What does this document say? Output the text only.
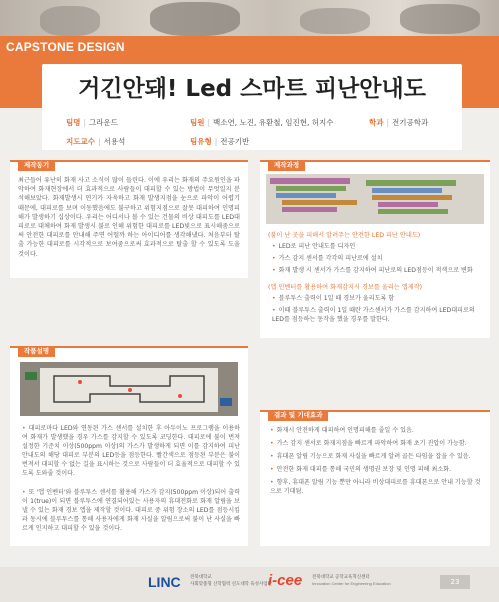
CAPSTONE DESIGN
거긴안돼! Led 스마트 피난안내도
팀명 | 그라운드	팀원 | 백소연, 노진, 유환철, 임진현, 허지수	학과 | 전기공학과
지도교수 | 서용석	팀유형 | 전공기반
제작동기
최근들어 유난히 화재 사고 소식이 많이 들린다. 이에 우리는 화재의 주요원인을 파악하여 화재현장에서 더 효과적으로 사람들이 대피할 수 있는 방법이 무엇일지 분석해보았다. 화재발생시 연기가 자욱하고 화재 발생지점을 눈으로 파악이 어렵기 때문에, 대피로를 보며 이동했음에도 불구하고 위험지점으로 잘못 대피하여 인명피해가 발생하기 십상이다. 우리는 어디서나 볼 수 있는 건물의 비상 대피도를 LED대피로로 대체하여 화재 발생시 불로 인해 위험한 대피로를 LED빛으로 표시해줌으로써 안전한 대피로를 안내해 주면 어떨까 하는 아이디어를 생각해냈다. 처음부터 탈출 가능한 대피로를 시각적으로 보여줌으로써 효과적으로 탈출 할 수 있도록 도울 것이다.
제작과정
(불이 난 곳을 피해서 알려주는 안전한 LED 피난 안내도)
• LED로 피난 안내도를 디자인
• 가스 감지 센서를 각각의 피난로에 설치
• 화재 발생 시 센서가 가스를 감지하여 피난로의 LED점등이 적색으로 변화
(앱 인벤터를 활용하여 화재감지시 경보를 울리는 앱제작)
• 블루투스 출력이 1일 때 경보가 울리도록 함
• 이때 블루투스 출력이 1일 때란 가스센서가 가스를 감지하여 LED대피로의 LED를 점등하는 동작을 했을 경우를 말한다.
작품설명
• 대피로마다 LED와 연동된 가스 센서를 설치한 후 아두이노 프로그램을 이용하여 화재가 발생했을 경우 가스를 감지할 수 있도록 코딩한다. 대피로에 불이 번져 설정한 기준치 이상(500ppm 이상)의 가스가 발생하게 되면 이를 감지하여 피난 안내도의 해당 대피로 부분의 LED등을 점등한다. 빨간색으로 점등된 부분은 불이 번져서 대피할 수 없는 길을 표시하는 것으로 사람들이 더 효율적으로 대피할 수 있도록 도와줄 것이다.
• 또 '앱 인벤터'와 블루투스 센서를 활용해 가스가 감지(500ppm 이상)되어 출력이 1(true)이 되면 블루투스에 연결되어있는 사용자의 휴대전화로 화재 알림을 보낼 수 있는 화재 경보 앱을 제작할 것이다. 대피로 중 위험 장소의 LED를 점등시킴과 동시에 블루투스를 통해 사용자에게 화재 사실을 알림으로써 불이 난 사실을 빠르게 인지하고 대피할 수 있을 것이다.
결과 및 기대효과
• 화재시 안전하게 대피하여 인명피해를 줄일 수 있음.
• 가스 감지 센서로 화재지점을 빠르게 파악하여 화재 초기 진압이 가능함.
• 휴대폰 알림 기능으로 화재 사실을 빠르게 알려 골든 타임을 잡을 수 있음.
• 안전한 화재 대피를 통해 국민의 생명권 보장 및 인명 피해 최소화.
• 향후, 휴대폰 알림 기능 뿐만 아니라 비상대피로를 휴대폰으로 안내 기능할 것으로 기대됨.
LINC 전북대학교
사회맞춤형 산학협력 선도대학 육성사업단
i-cee 전북대학교 공학교육혁신센터
Innovation Center for Engineering Education	23
